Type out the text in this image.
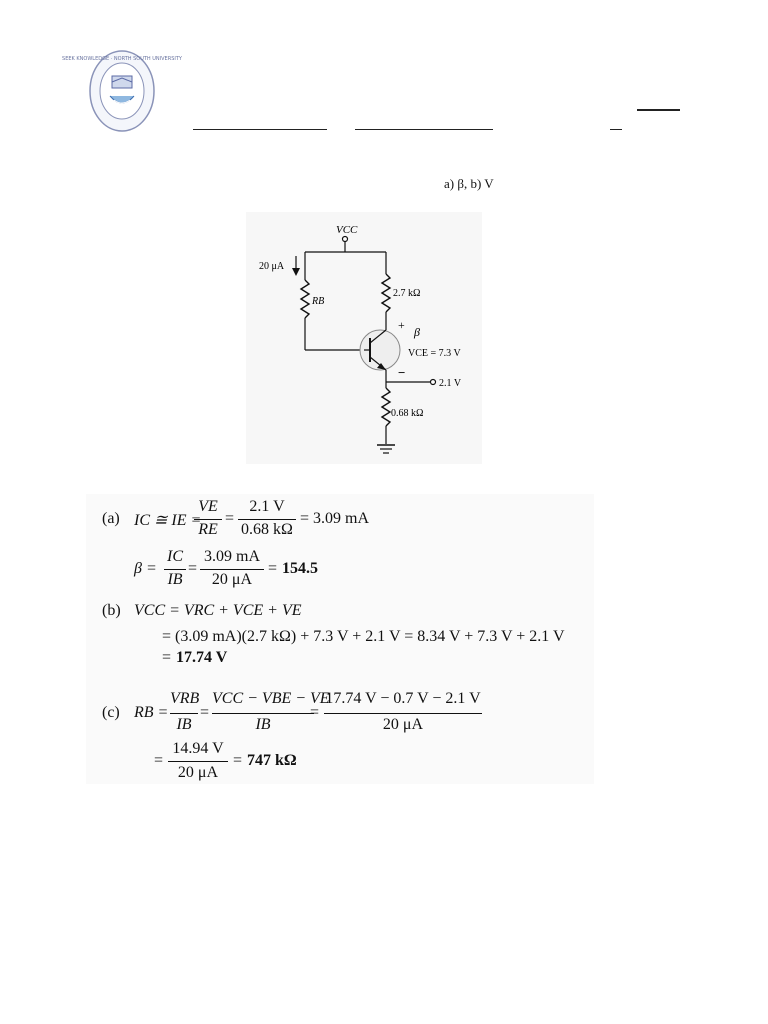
SEEK KNOWLEDGE · NORTH SOUTH UNIVERSITY
a) β, b) V
VCC
20 μA
RB
2.7 kΩ
+ β
VCE = 7.3 V
−
2.1 V
0.68 kΩ
(a) IC ≅ IE =
VE
RE
=
2.1 V
0.68 kΩ
= 3.09 mA
β =
IC
IB
=
3.09 mA
20 μA
= 154.5
(b) VCC = VRC + VCE + VE
= (3.09 mA)(2.7 kΩ) + 7.3 V + 2.1 V = 8.34 V + 7.3 V + 2.1 V
= 17.74 V
(c) RB =
VRB
IB
=
VCC − VBE − VE
IB
=
17.74 V − 0.7 V − 2.1 V
20 μA
=
14.94 V
20 μA
= 747 kΩ
